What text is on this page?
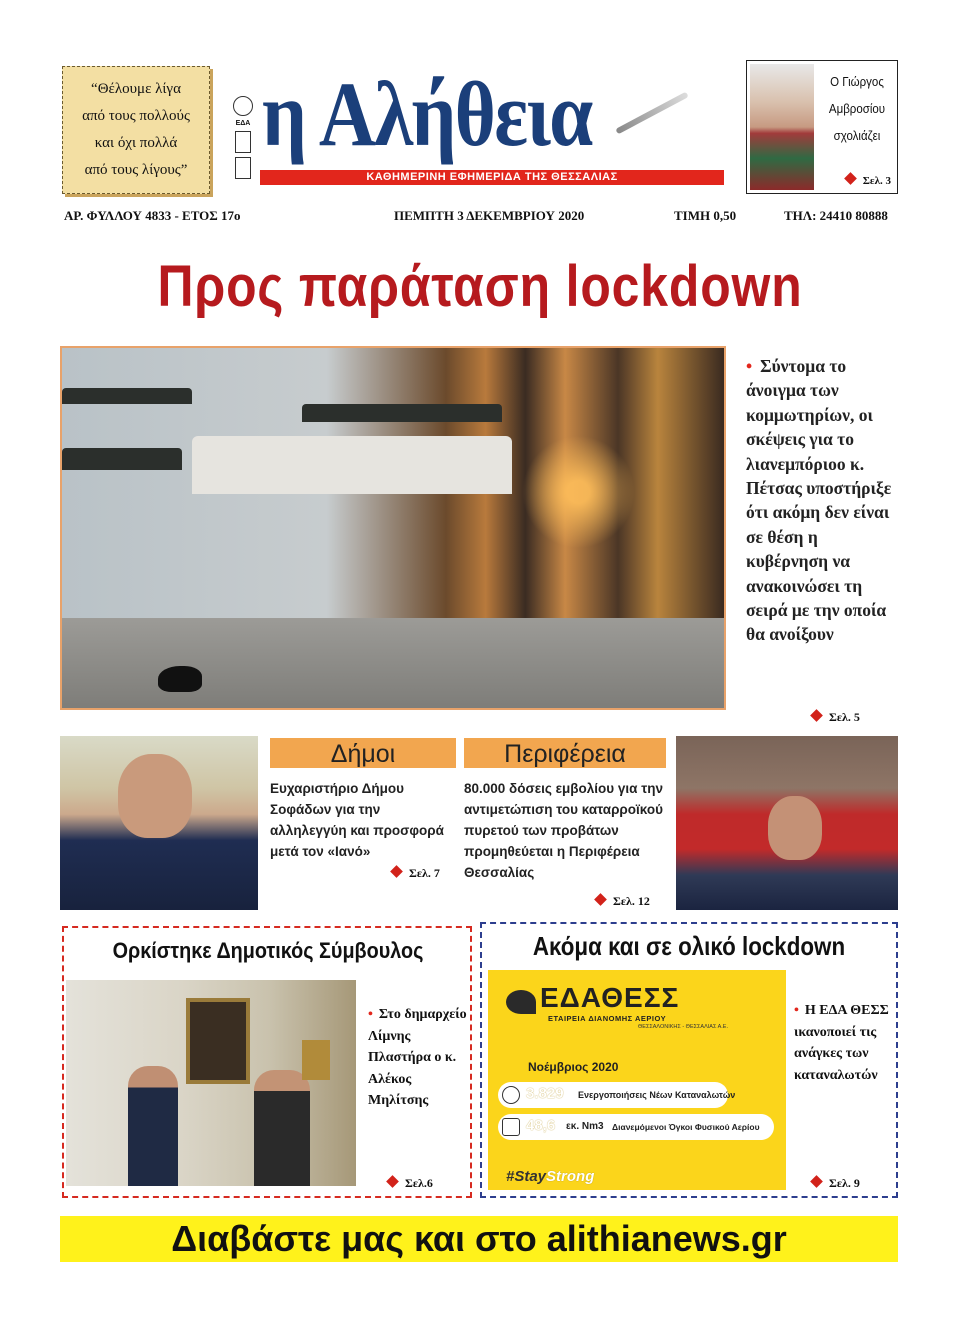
“Θέλουμε λίγα
από τους πολλούς
και όχι πολλά
από τους λίγους”
ΕΔΑ η Αλήθεια
ΚΑΘΗΜΕΡΙΝΗ ΕΦΗΜΕΡΙΔΑ ΤΗΣ ΘΕΣΣΑΛΙΑΣ
Ο Γιώργος
Αμβροσίου
σχολιάζει
Σελ. 3
ΑΡ. ΦΥΛΛΟΥ 4833 - ΕΤΟΣ 17ο	ΠΕΜΠΤΗ 3 ΔΕΚΕΜΒΡΙΟΥ 2020	ΤΙΜΗ 0,50	ΤΗΛ: 24410 80888
Προς παράταση lockdown
• Σύντομα το άνοιγμα των κομμωτηρίων, οι σκέψεις για το λιανεμπόριοο κ. Πέτσας υποστήριξε ότι ακόμη δεν είναι σε θέση η κυβέρνηση να ανακοινώσει τη σειρά με την οποία θα ανοίξουν
Σελ. 5
Δήμοι
Ευχαριστήριο Δήμου Σοφάδων για την αλληλεγγύη και προσφορά μετά τον «Ιανό»
Σελ. 7
Περιφέρεια
80.000 δόσεις εμβολίου για την αντιμετώπιση του καταρροϊκού πυρετού των προβάτων προμηθεύεται η Περιφέρεια Θεσσαλίας
Σελ. 12
Ορκίστηκε Δημοτικός Σύμβουλος
• Στο δημαρχείο Λίμνης Πλαστήρα ο κ. Αλέκος Μηλίτσης
Σελ.6
Ακόμα και σε ολικό lockdown
ΕΔΑΘΕΣΣ
ΕΤΑΙΡΕΙΑ ΔΙΑΝΟΜΗΣ ΑΕΡΙΟΥ
ΘΕΣΣΑΛΟΝΙΚΗΣ - ΘΕΣΣΑΛΙΑΣ Α.Ε.
Νοέμβριος 2020
3.829 Ενεργοποιήσεις Νέων Καταναλωτών
48,6 εκ. Nm3 Διανεμόμενοι Όγκοι Φυσικού Αερίου
#StayStrong
• Η ΕΔΑ ΘΕΣΣ ικανοποιεί τις ανάγκες των καταναλωτών
Σελ. 9
Διαβάστε μας και στο alithianews.gr
